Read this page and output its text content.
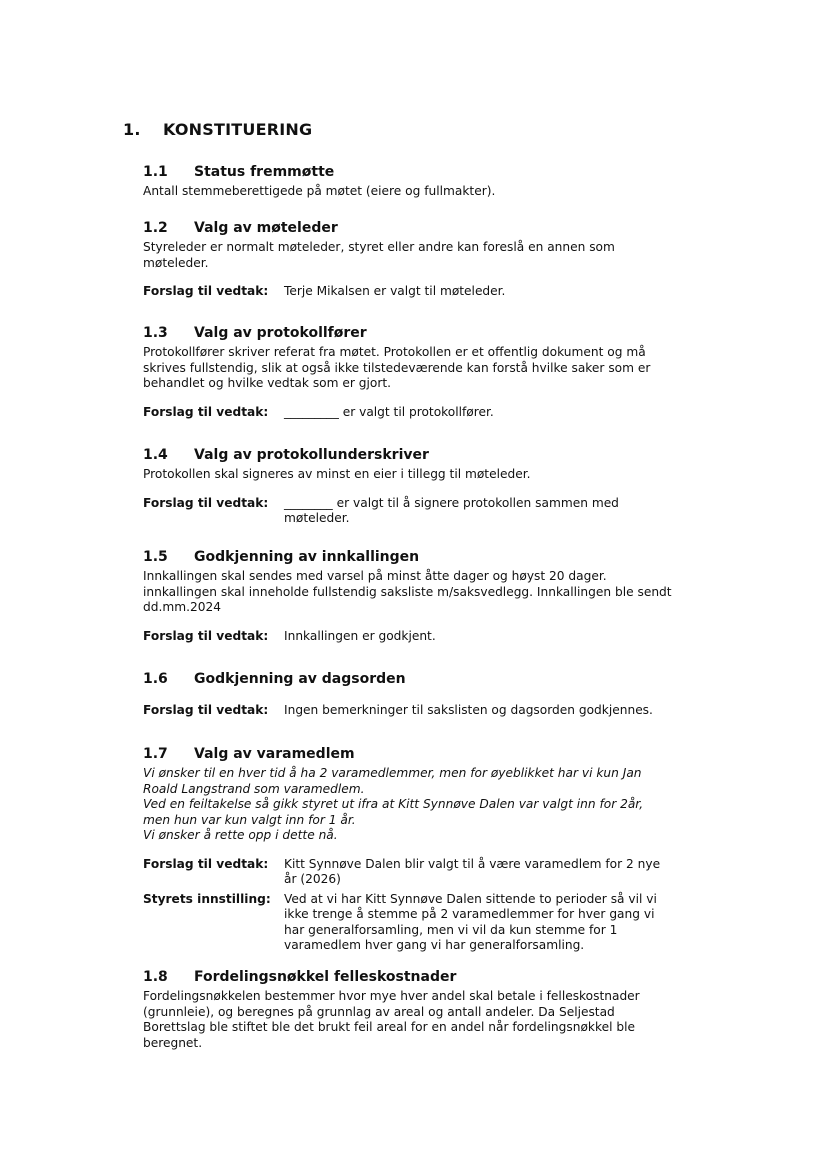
1. KONSTITUERING
1.1 Status fremmøtte

Antall stemmeberettigede på møtet (eiere og fullmakter).

1.2 Valg av møteleder

Styreleder er normalt møteleder, styret eller andre kan foreslå en annen som

møteleder.

Forslag til vedtak:	Terje Mikalsen er valgt til møteleder.
1.3 Valg av protokollfører

Protokollfører skriver referat fra møtet. Protokollen er et offentlig dokument og må

skrives fullstendig, slik at også ikke tilstedeværende kan forstå hvilke saker som er

behandlet og hvilke vedtak som er gjort.

Forslag til vedtak:	_________ er valgt til protokollfører.
1.4 Valg av protokollunderskriver

Protokollen skal signeres av minst en eier i tillegg til møteleder.

Forslag til vedtak:	________ er valgt til å signere protokollen sammen med
møteleder.
1.5 Godkjenning av innkallingen

Innkallingen skal sendes med varsel på minst åtte dager og høyst 20 dager.

innkallingen skal inneholde fullstendig saksliste m/saksvedlegg. Innkallingen ble sendt

dd.mm.2024

Forslag til vedtak:	Innkallingen er godkjent.
1.6 Godkjenning av dagsorden
Forslag til vedtak:	Ingen bemerkninger til sakslisten og dagsorden godkjennes.
1.7 Valg av varamedlem

Vi ønsker til en hver tid å ha 2 varamedlemmer, men for øyeblikket har vi kun Jan

Roald Langstrand som varamedlem.

Ved en feiltakelse så gikk styret ut ifra at Kitt Synnøve Dalen var valgt inn for 2år,

men hun var kun valgt inn for 1 år.

Vi ønsker å rette opp i dette nå.

Forslag til vedtak:	Kitt Synnøve Dalen blir valgt til å være varamedlem for 2 nye
år (2026)
Styrets innstilling:	Ved at vi har Kitt Synnøve Dalen sittende to perioder så vil vi
ikke trenge å stemme på 2 varamedlemmer for hver gang vi
har generalforsamling, men vi vil da kun stemme for 1
varamedlem hver gang vi har generalforsamling.
1.8 Fordelingsnøkkel felleskostnader

Fordelingsnøkkelen bestemmer hvor mye hver andel skal betale i felleskostnader

(grunnleie), og beregnes på grunnlag av areal og antall andeler. Da Seljestad

Borettslag ble stiftet ble det brukt feil areal for en andel når fordelingsnøkkel ble

beregnet.
